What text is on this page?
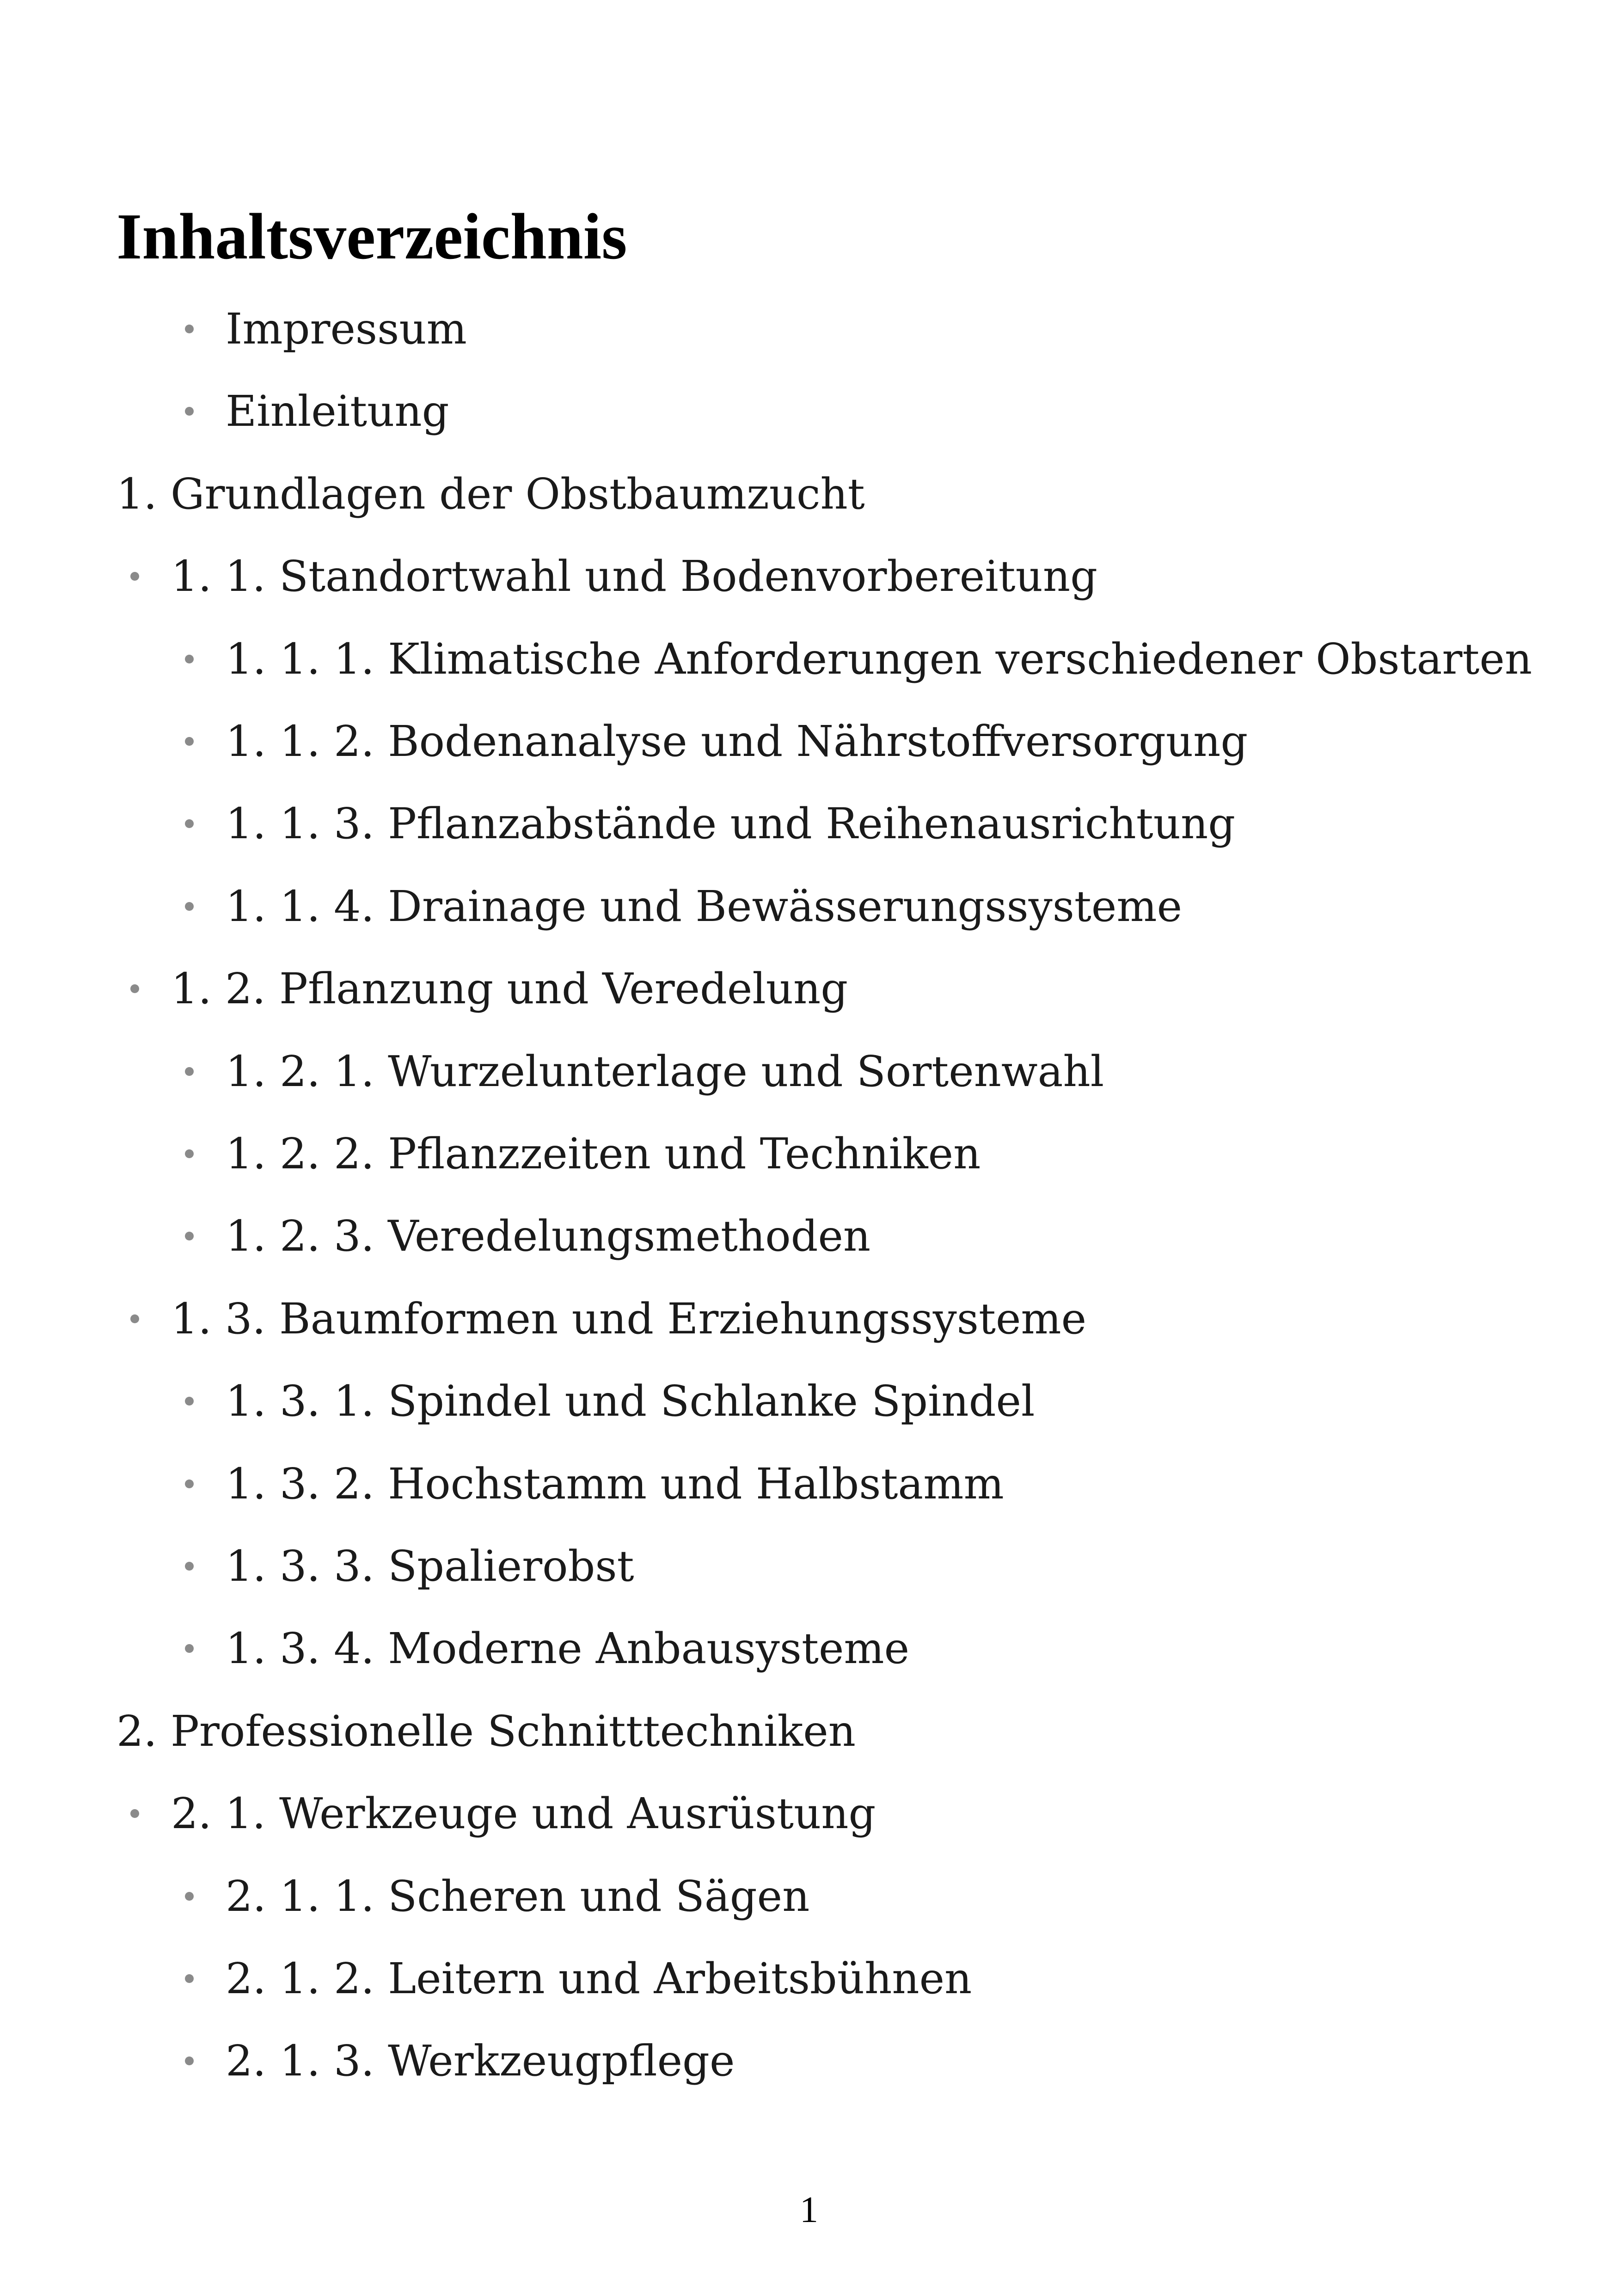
Inhaltsverzeichnis
Impressum
Einleitung
1. Grundlagen der Obstbaumzucht
1. 1. Standortwahl und Bodenvorbereitung
1. 1. 1. Klimatische Anforderungen verschiedener Obstarten
1. 1. 2. Bodenanalyse und Nährstoffversorgung
1. 1. 3. Pflanzabstände und Reihenausrichtung
1. 1. 4. Drainage und Bewässerungssysteme
1. 2. Pflanzung und Veredelung
1. 2. 1. Wurzelunterlage und Sortenwahl
1. 2. 2. Pflanzzeiten und Techniken
1. 2. 3. Veredelungsmethoden
1. 3. Baumformen und Erziehungssysteme
1. 3. 1. Spindel und Schlanke Spindel
1. 3. 2. Hochstamm und Halbstamm
1. 3. 3. Spalierobst
1. 3. 4. Moderne Anbausysteme
2. Professionelle Schnitttechniken
2. 1. Werkzeuge und Ausrüstung
2. 1. 1. Scheren und Sägen
2. 1. 2. Leitern und Arbeitsbühnen
2. 1. 3. Werkzeugpflege
1
